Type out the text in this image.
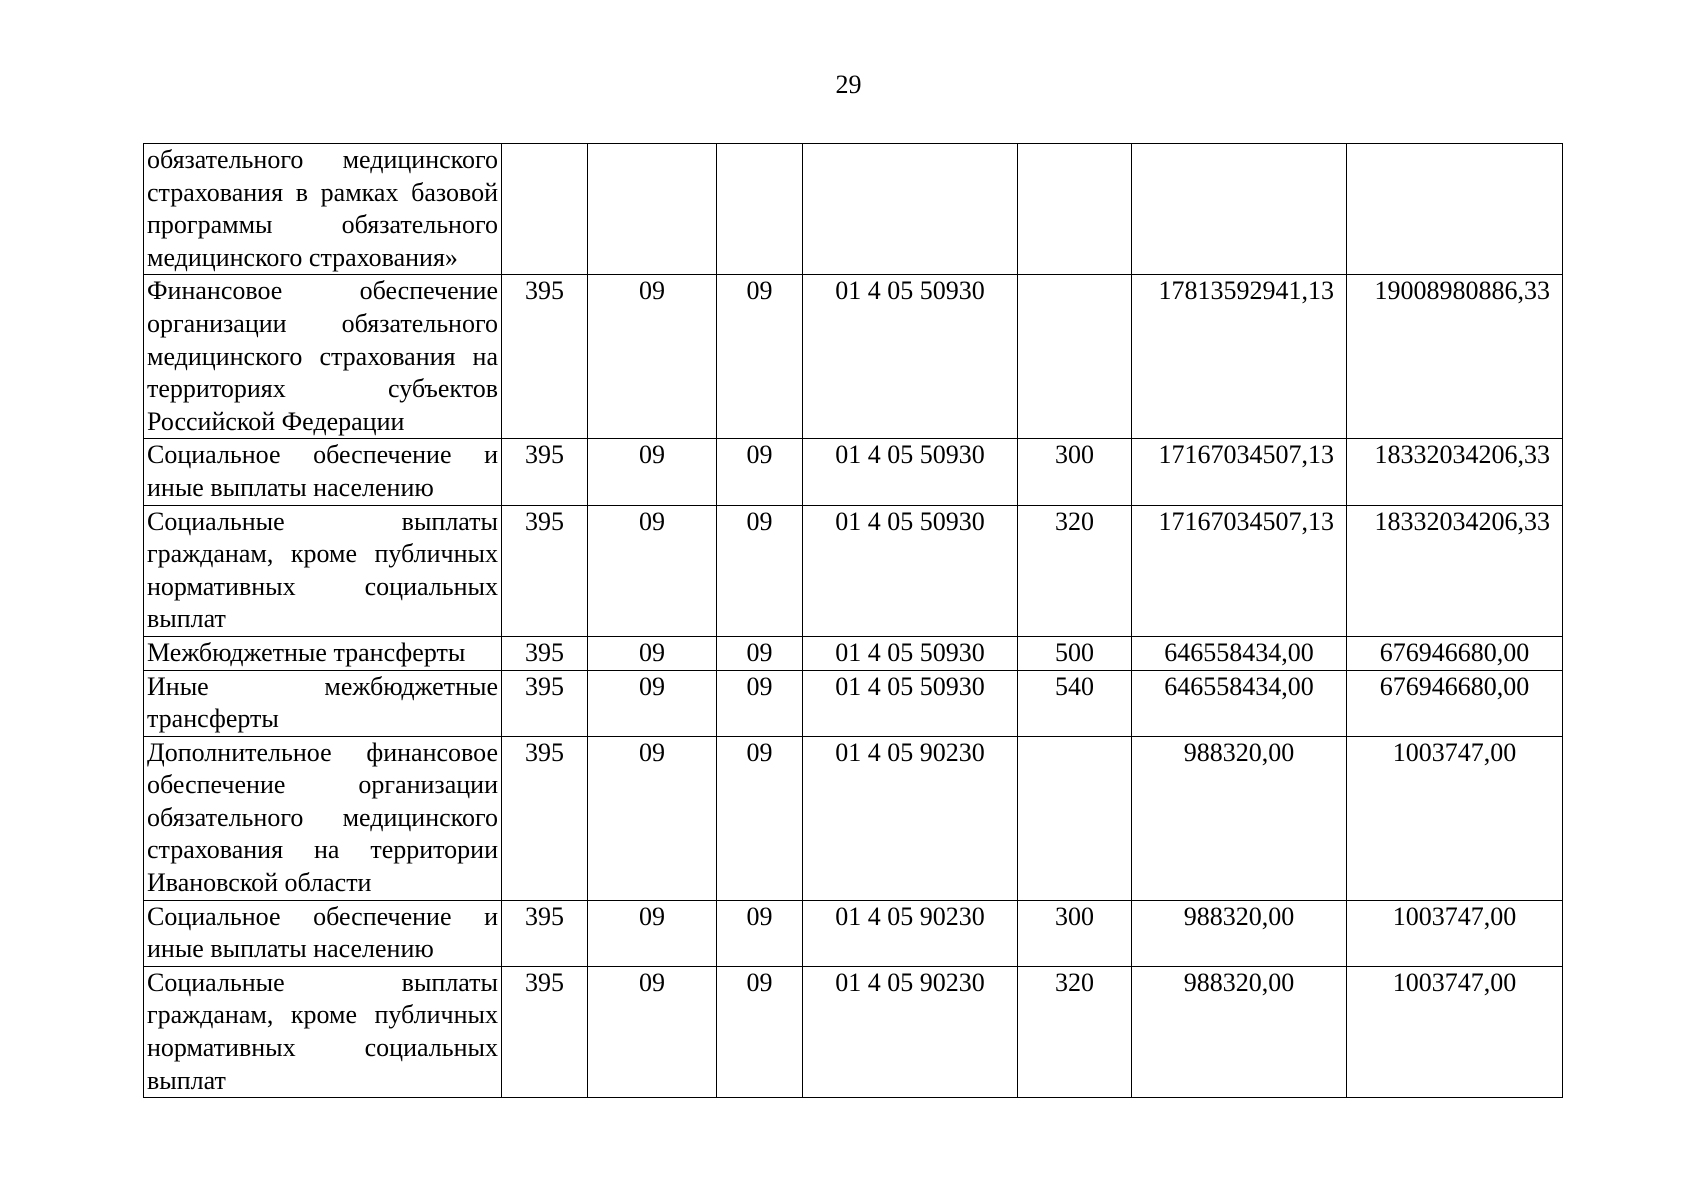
29
обязательного медицинского страхования в рамках базовой программы обязательного медицинского страхования»							
Финансовое обеспечение организации обязательного медицинского страхования на территориях субъектов Российской Федерации	395	09	09	01 4 05 50930		17813592941,13	19008980886,33
Социальное обеспечение и иные выплаты населению	395	09	09	01 4 05 50930	300	17167034507,13	18332034206,33
Социальные выплаты гражданам, кроме публичных нормативных социальных выплат	395	09	09	01 4 05 50930	320	17167034507,13	18332034206,33
Межбюджетные трансферты	395	09	09	01 4 05 50930	500	646558434,00	676946680,00
Иные межбюджетные трансферты	395	09	09	01 4 05 50930	540	646558434,00	676946680,00
Дополнительное финансовое обеспечение организации обязательного медицинского страхования на территории Ивановской области	395	09	09	01 4 05 90230		988320,00	1003747,00
Социальное обеспечение и иные выплаты населению	395	09	09	01 4 05 90230	300	988320,00	1003747,00
Социальные выплаты гражданам, кроме публичных нормативных социальных выплат	395	09	09	01 4 05 90230	320	988320,00	1003747,00
